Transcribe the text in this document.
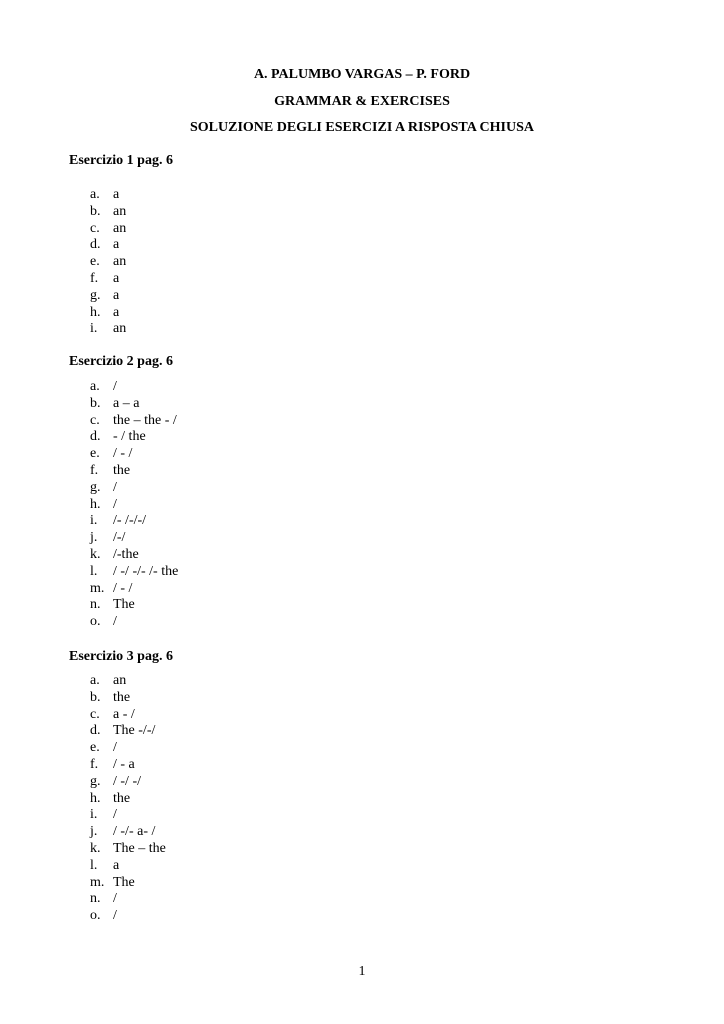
A. PALUMBO VARGAS – P. FORD
GRAMMAR & EXERCISES
SOLUZIONE DEGLI ESERCIZI A RISPOSTA CHIUSA
Esercizio 1 pag. 6
a. a
b. an
c. an
d. a
e. an
f. a
g. a
h. a
i. an
Esercizio 2 pag. 6
a. /
b. a – a
c. the – the - /
d. - / the
e. / - /
f. the
g. /
h. /
i. /- /-/-/
j. /-/
k. /-the
l. / -/ -/- /- the
m. / - /
n. The
o. /
Esercizio 3 pag. 6
a. an
b. the
c. a - /
d. The -/-/
e. /
f. / - a
g. / -/ -/
h. the
i. /
j. / -/- a- /
k. The – the
l. a
m. The
n. /
o. /
1
